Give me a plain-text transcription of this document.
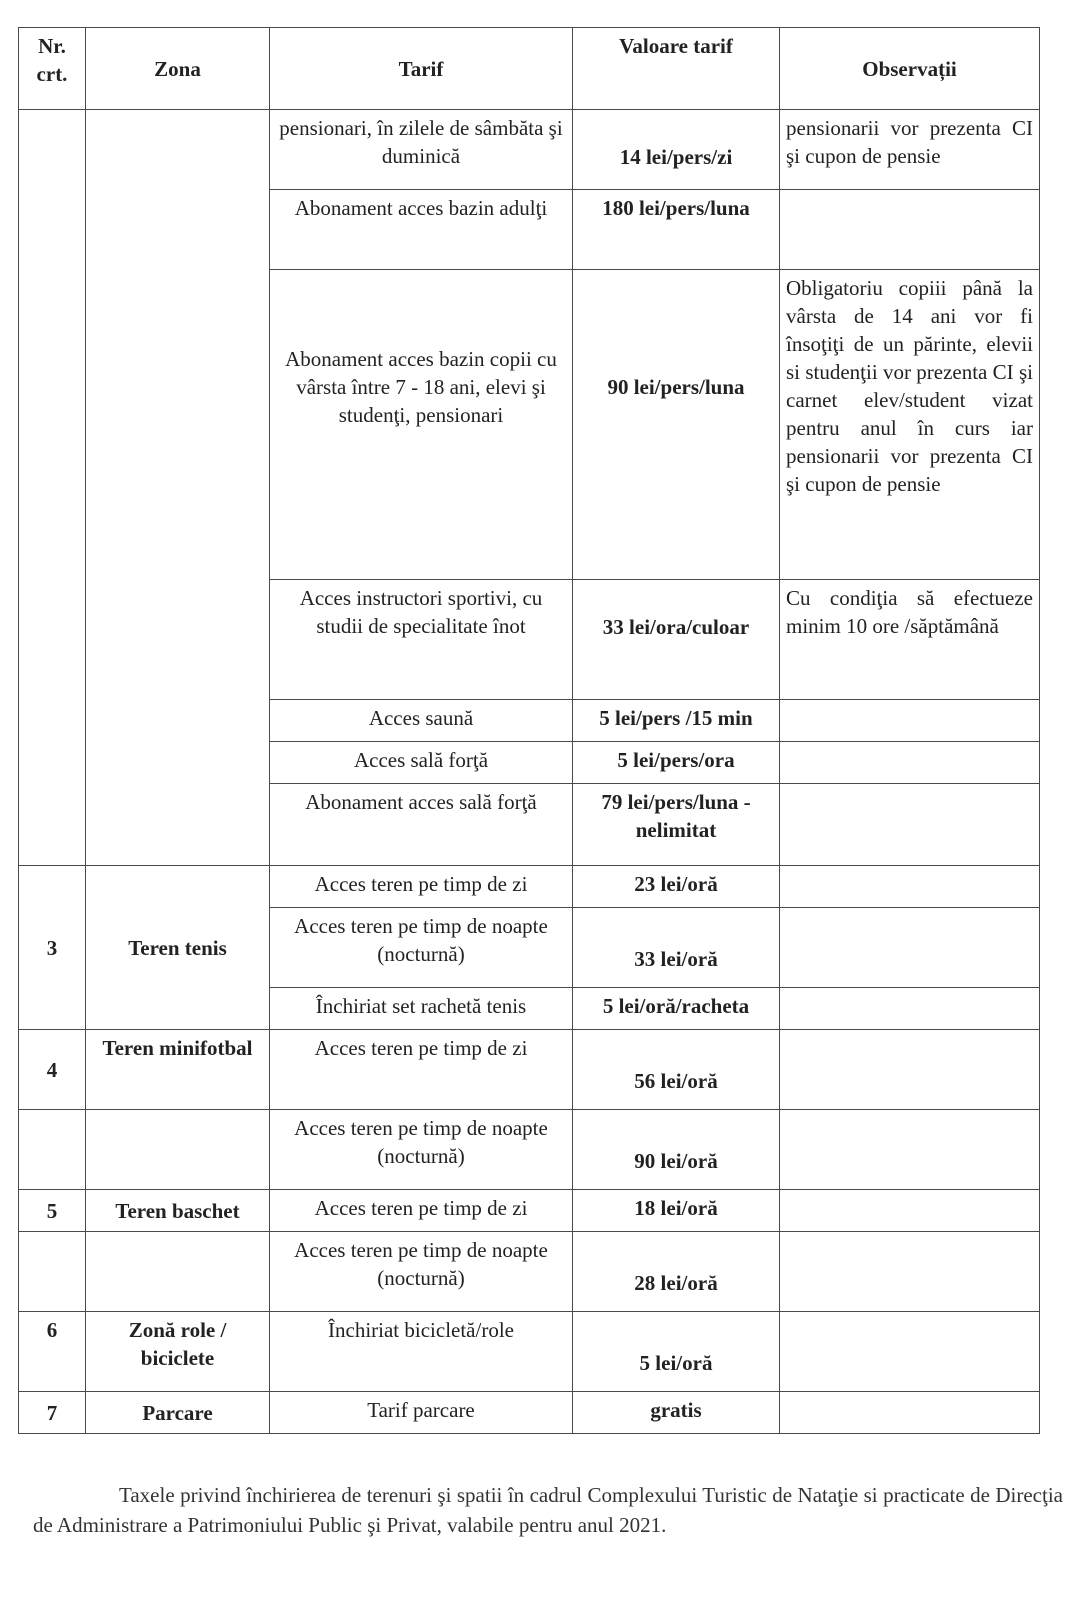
Nr. crt.	Zona	Tarif	Valoare tarif	Observații
		pensionari, în zilele de sâmbăta şi duminică	14 lei/pers/zi	pensionarii vor prezenta CI şi cupon de pensie
		Abonament acces bazin adulţi	180 lei/pers/luna	
		Abonament acces bazin copii cu vârsta între 7 - 18 ani, elevi şi studenţi, pensionari	90 lei/pers/luna	Obligatoriu copiii până la vârsta de 14 ani vor fi însoţiţi de un părinte, elevii si studenţii vor prezenta CI şi carnet elev/student vizat pentru anul în curs iar pensionarii vor prezenta CI şi cupon de pensie
		Acces instructori sportivi, cu studii de specialitate înot	33 lei/ora/culoar	Cu condiţia să efectueze minim 10 ore /săptămână
		Acces saună	5 lei/pers /15 min	
		Acces sală forţă	5 lei/pers/ora	
		Abonament acces sală forţă	79 lei/pers/luna - nelimitat	
3	Teren tenis	Acces teren pe timp de zi	23 lei/oră	
		Acces teren pe timp de noapte (nocturnă)	33 lei/oră	
		Închiriat set rachetă tenis	5 lei/oră/racheta	
4	Teren minifotbal	Acces teren pe timp de zi	56 lei/oră	
		Acces teren pe timp de noapte (nocturnă)	90 lei/oră	
5	Teren baschet	Acces teren pe timp de zi	18 lei/oră	
		Acces teren pe timp de noapte (nocturnă)	28 lei/oră	
6	Zonă role / biciclete	Închiriat bicicletă/role	5 lei/oră	
7	Parcare	Tarif parcare	gratis	

Taxele privind închirierea de terenuri şi spatii în cadrul Complexului Turistic de Nataţie si practicate de Direcţia de Administrare a Patrimoniului Public şi Privat, valabile pentru anul 2021.
